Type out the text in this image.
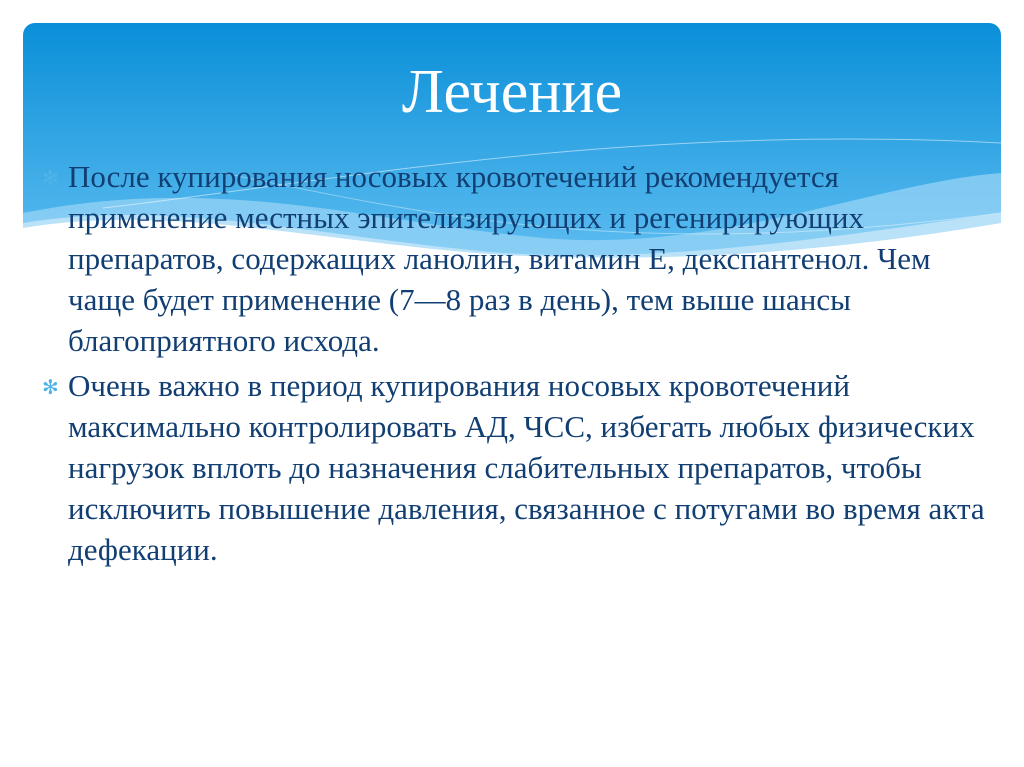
Лечение
✻ После купирования носовых кровотечений рекомендуется применение местных эпителизирующих и регенирирующих препаратов, содержащих ланолин, витамин Е, декспантенол. Чем чаще будет применение (7—8 раз в день), тем выше шансы благоприятного исхода.
✻ Очень важно в период купирования носовых кровотечений максимально контролировать АД, ЧСС, избегать любых физических нагрузок вплоть до назначения слабительных препаратов, чтобы исключить повышение давления, связанное с потугами во время акта дефекации.
